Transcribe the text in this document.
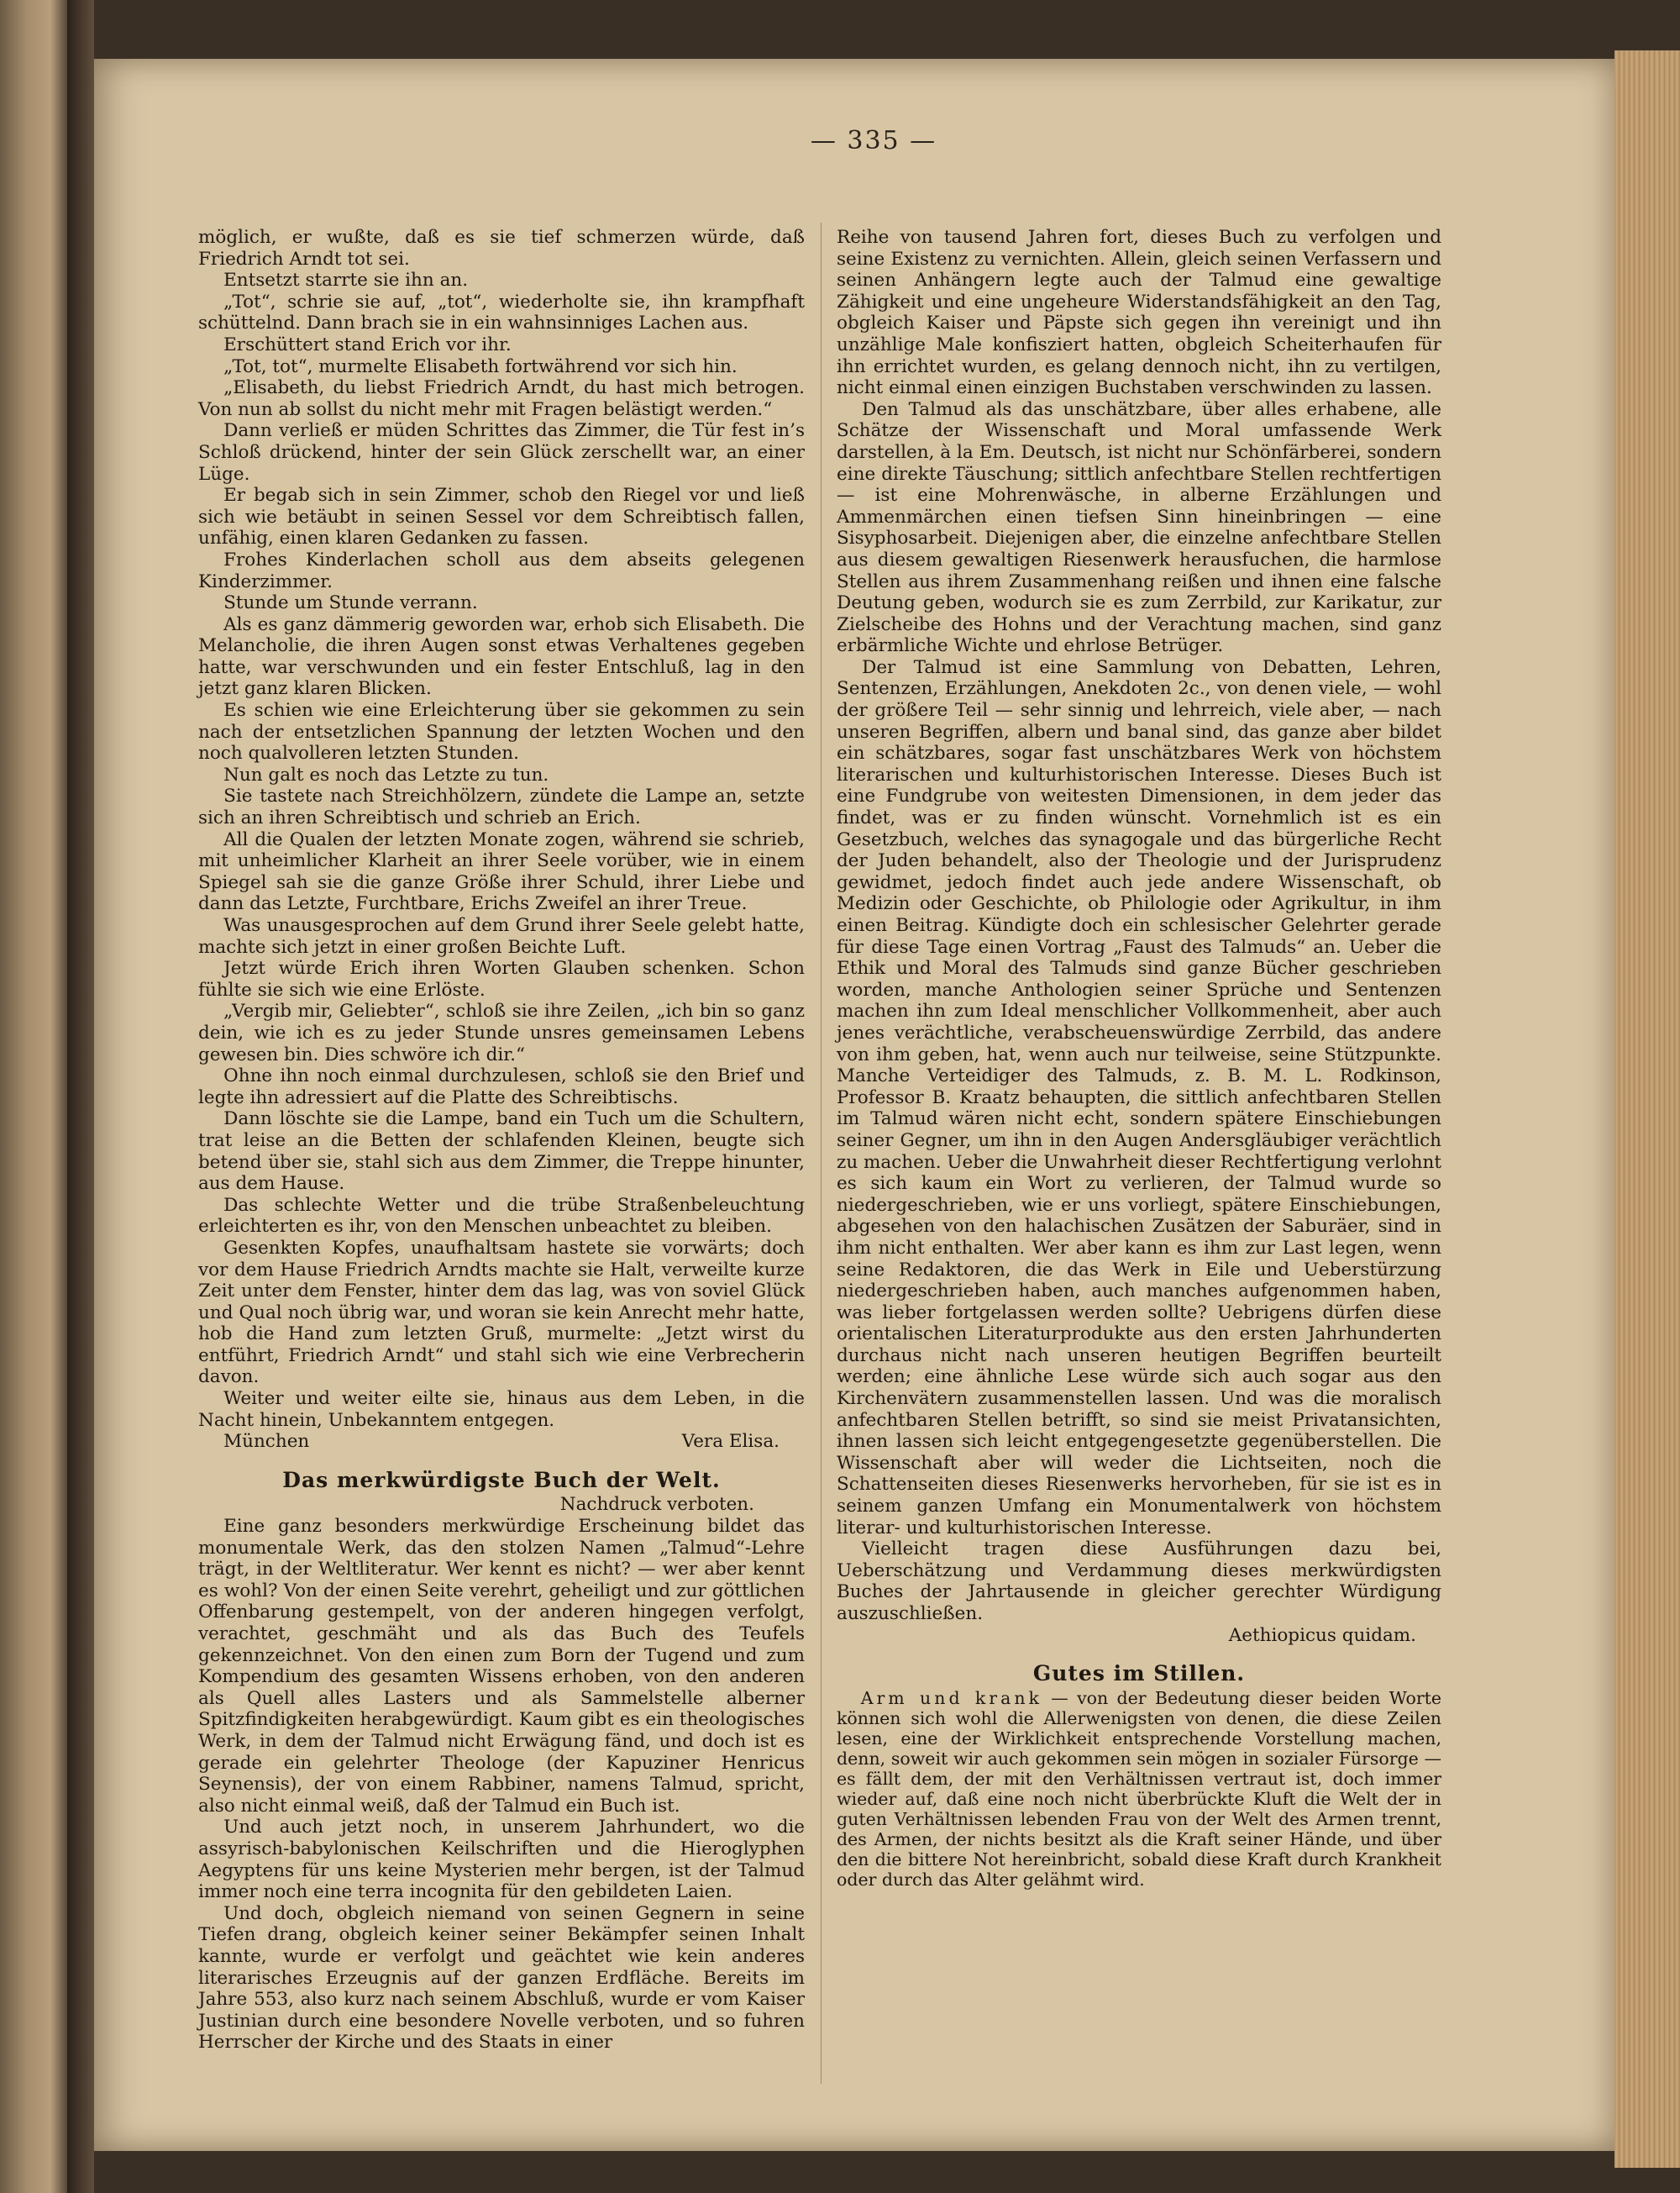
— 335 —

möglich, er wußte, daß es sie tief schmerzen würde, daß Friedrich Arndt tot sei.

Entsetzt starrte sie ihn an.

„Tot“, schrie sie auf, „tot“, wiederholte sie, ihn krampfhaft schüttelnd. Dann brach sie in ein wahnsinniges Lachen aus.

Erschüttert stand Erich vor ihr.

„Tot, tot“, murmelte Elisabeth fortwährend vor sich hin.

„Elisabeth, du liebst Friedrich Arndt, du hast mich betrogen. Von nun ab sollst du nicht mehr mit Fragen belästigt werden.“

Dann verließ er müden Schrittes das Zimmer, die Tür fest in’s Schloß drückend, hinter der sein Glück zerschellt war, an einer Lüge.

Er begab sich in sein Zimmer, schob den Riegel vor und ließ sich wie betäubt in seinen Sessel vor dem Schreibtisch fallen, unfähig, einen klaren Gedanken zu fassen.

Frohes Kinderlachen scholl aus dem abseits gelegenen Kinderzimmer.

Stunde um Stunde verrann.

Als es ganz dämmerig geworden war, erhob sich Elisabeth. Die Melancholie, die ihren Augen sonst etwas Verhaltenes gegeben hatte, war verschwunden und ein fester Entschluß, lag in den jetzt ganz klaren Blicken.

Es schien wie eine Erleichterung über sie gekommen zu sein nach der entsetzlichen Spannung der letzten Wochen und den noch qualvolleren letzten Stunden.

Nun galt es noch das Letzte zu tun.

Sie tastete nach Streichhölzern, zündete die Lampe an, setzte sich an ihren Schreibtisch und schrieb an Erich.

All die Qualen der letzten Monate zogen, während sie schrieb, mit unheimlicher Klarheit an ihrer Seele vorüber, wie in einem Spiegel sah sie die ganze Größe ihrer Schuld, ihrer Liebe und dann das Letzte, Furchtbare, Erichs Zweifel an ihrer Treue.

Was unausgesprochen auf dem Grund ihrer Seele gelebt hatte, machte sich jetzt in einer großen Beichte Luft.

Jetzt würde Erich ihren Worten Glauben schenken. Schon fühlte sie sich wie eine Erlöste.

„Vergib mir, Geliebter“, schloß sie ihre Zeilen, „ich bin so ganz dein, wie ich es zu jeder Stunde unsres gemeinsamen Lebens gewesen bin. Dies schwöre ich dir.“

Ohne ihn noch einmal durchzulesen, schloß sie den Brief und legte ihn adressiert auf die Platte des Schreibtischs.

Dann löschte sie die Lampe, band ein Tuch um die Schultern, trat leise an die Betten der schlafenden Kleinen, beugte sich betend über sie, stahl sich aus dem Zimmer, die Treppe hinunter, aus dem Hause.

Das schlechte Wetter und die trübe Straßenbeleuchtung erleichterten es ihr, von den Menschen unbeachtet zu bleiben.

Gesenkten Kopfes, unaufhaltsam hastete sie vorwärts; doch vor dem Hause Friedrich Arndts machte sie Halt, verweilte kurze Zeit unter dem Fenster, hinter dem das lag, was von soviel Glück und Qual noch übrig war, und woran sie kein Anrecht mehr hatte, hob die Hand zum letzten Gruß, murmelte: „Jetzt wirst du entführt, Friedrich Arndt“ und stahl sich wie eine Verbrecherin davon.

Weiter und weiter eilte sie, hinaus aus dem Leben, in die Nacht hinein, Unbekanntem entgegen.

München	Vera Elisa.
Das merkwürdigste Buch der Welt.
Nachdruck verboten.

Eine ganz besonders merkwürdige Erscheinung bildet das monumentale Werk, das den stolzen Namen „Talmud“-Lehre trägt, in der Weltliteratur. Wer kennt es nicht? — wer aber kennt es wohl? Von der einen Seite verehrt, geheiligt und zur göttlichen Offenbarung gestempelt, von der anderen hingegen verfolgt, verachtet, geschmäht und als das Buch des Teufels gekennzeichnet. Von den einen zum Born der Tugend und zum Kompendium des gesamten Wissens erhoben, von den anderen als Quell alles Lasters und als Sammelstelle alberner Spitzfindigkeiten herabgewürdigt. Kaum gibt es ein theologisches Werk, in dem der Talmud nicht Erwägung fänd, und doch ist es gerade ein gelehrter Theologe (der Kapuziner Henricus Seynensis), der von einem Rabbiner, namens Talmud, spricht, also nicht einmal weiß, daß der Talmud ein Buch ist.

Und auch jetzt noch, in unserem Jahrhundert, wo die assyrisch-babylonischen Keilschriften und die Hieroglyphen Aegyptens für uns keine Mysterien mehr bergen, ist der Talmud immer noch eine terra incognita für den gebildeten Laien.

Und doch, obgleich niemand von seinen Gegnern in seine Tiefen drang, obgleich keiner seiner Bekämpfer seinen Inhalt kannte, wurde er verfolgt und geächtet wie kein anderes literarisches Erzeugnis auf der ganzen Erdfläche. Bereits im Jahre 553, also kurz nach seinem Abschluß, wurde er vom Kaiser Justinian durch eine besondere Novelle verboten, und so fuhren Herrscher der Kirche und des Staats in einer

Reihe von tausend Jahren fort, dieses Buch zu verfolgen und seine Existenz zu vernichten. Allein, gleich seinen Verfassern und seinen Anhängern legte auch der Talmud eine gewaltige Zähigkeit und eine ungeheure Widerstandsfähigkeit an den Tag, obgleich Kaiser und Päpste sich gegen ihn vereinigt und ihn unzählige Male konfisziert hatten, obgleich Scheiterhaufen für ihn errichtet wurden, es gelang dennoch nicht, ihn zu vertilgen, nicht einmal einen einzigen Buchstaben verschwinden zu lassen.

Den Talmud als das unschätzbare, über alles erhabene, alle Schätze der Wissenschaft und Moral umfassende Werk darstellen, à la Em. Deutsch, ist nicht nur Schönfärberei, sondern eine direkte Täuschung; sittlich anfechtbare Stellen rechtfertigen — ist eine Mohrenwäsche, in alberne Erzählungen und Ammenmärchen einen tiefsen Sinn hineinbringen — eine Sisyphosarbeit. Diejenigen aber, die einzelne anfechtbare Stellen aus diesem gewaltigen Riesenwerk herausfuchen, die harmlose Stellen aus ihrem Zusammenhang reißen und ihnen eine falsche Deutung geben, wodurch sie es zum Zerrbild, zur Karikatur, zur Zielscheibe des Hohns und der Verachtung machen, sind ganz erbärmliche Wichte und ehrlose Betrüger.

Der Talmud ist eine Sammlung von Debatten, Lehren, Sentenzen, Erzählungen, Anekdoten 2c., von denen viele, — wohl der größere Teil — sehr sinnig und lehrreich, viele aber, — nach unseren Begriffen, albern und banal sind, das ganze aber bildet ein schätzbares, sogar fast unschätzbares Werk von höchstem literarischen und kulturhistorischen Interesse. Dieses Buch ist eine Fundgrube von weitesten Dimensionen, in dem jeder das findet, was er zu finden wünscht. Vornehmlich ist es ein Gesetzbuch, welches das synagogale und das bürgerliche Recht der Juden behandelt, also der Theologie und der Jurisprudenz gewidmet, jedoch findet auch jede andere Wissenschaft, ob Medizin oder Geschichte, ob Philologie oder Agrikultur, in ihm einen Beitrag. Kündigte doch ein schlesischer Gelehrter gerade für diese Tage einen Vortrag „Faust des Talmuds“ an. Ueber die Ethik und Moral des Talmuds sind ganze Bücher geschrieben worden, manche Anthologien seiner Sprüche und Sentenzen machen ihn zum Ideal menschlicher Vollkommenheit, aber auch jenes verächtliche, verabscheuenswürdige Zerrbild, das andere von ihm geben, hat, wenn auch nur teilweise, seine Stützpunkte. Manche Verteidiger des Talmuds, z. B. M. L. Rodkinson, Professor B. Kraatz behaupten, die sittlich anfechtbaren Stellen im Talmud wären nicht echt, sondern spätere Einschiebungen seiner Gegner, um ihn in den Augen Andersgläubiger verächtlich zu machen. Ueber die Unwahrheit dieser Rechtfertigung verlohnt es sich kaum ein Wort zu verlieren, der Talmud wurde so niedergeschrieben, wie er uns vorliegt, spätere Einschiebungen, abgesehen von den halachischen Zusätzen der Saburäer, sind in ihm nicht enthalten. Wer aber kann es ihm zur Last legen, wenn seine Redaktoren, die das Werk in Eile und Ueberstürzung niedergeschrieben haben, auch manches aufgenommen haben, was lieber fortgelassen werden sollte? Uebrigens dürfen diese orientalischen Literaturprodukte aus den ersten Jahrhunderten durchaus nicht nach unseren heutigen Begriffen beurteilt werden; eine ähnliche Lese würde sich auch sogar aus den Kirchenvätern zusammenstellen lassen. Und was die moralisch anfechtbaren Stellen betrifft, so sind sie meist Privatansichten, ihnen lassen sich leicht entgegengesetzte gegenüberstellen. Die Wissenschaft aber will weder die Lichtseiten, noch die Schattenseiten dieses Riesenwerks hervorheben, für sie ist es in seinem ganzen Umfang ein Monumentalwerk von höchstem literar- und kulturhistorischen Interesse.

Vielleicht tragen diese Ausführungen dazu bei, Ueberschätzung und Verdammung dieses merkwürdigsten Buches der Jahrtausende in gleicher gerechter Würdigung auszuschließen.

Aethiopicus quidam.
Gutes im Stillen.

Arm und krank — von der Bedeutung dieser beiden Worte können sich wohl die Allerwenigsten von denen, die diese Zeilen lesen, eine der Wirklichkeit entsprechende Vorstellung machen, denn, soweit wir auch gekommen sein mögen in sozialer Fürsorge — es fällt dem, der mit den Verhältnissen vertraut ist, doch immer wieder auf, daß eine noch nicht überbrückte Kluft die Welt der in guten Verhältnissen lebenden Frau von der Welt des Armen trennt, des Armen, der nichts besitzt als die Kraft seiner Hände, und über den die bittere Not hereinbricht, sobald diese Kraft durch Krankheit oder durch das Alter gelähmt wird.
